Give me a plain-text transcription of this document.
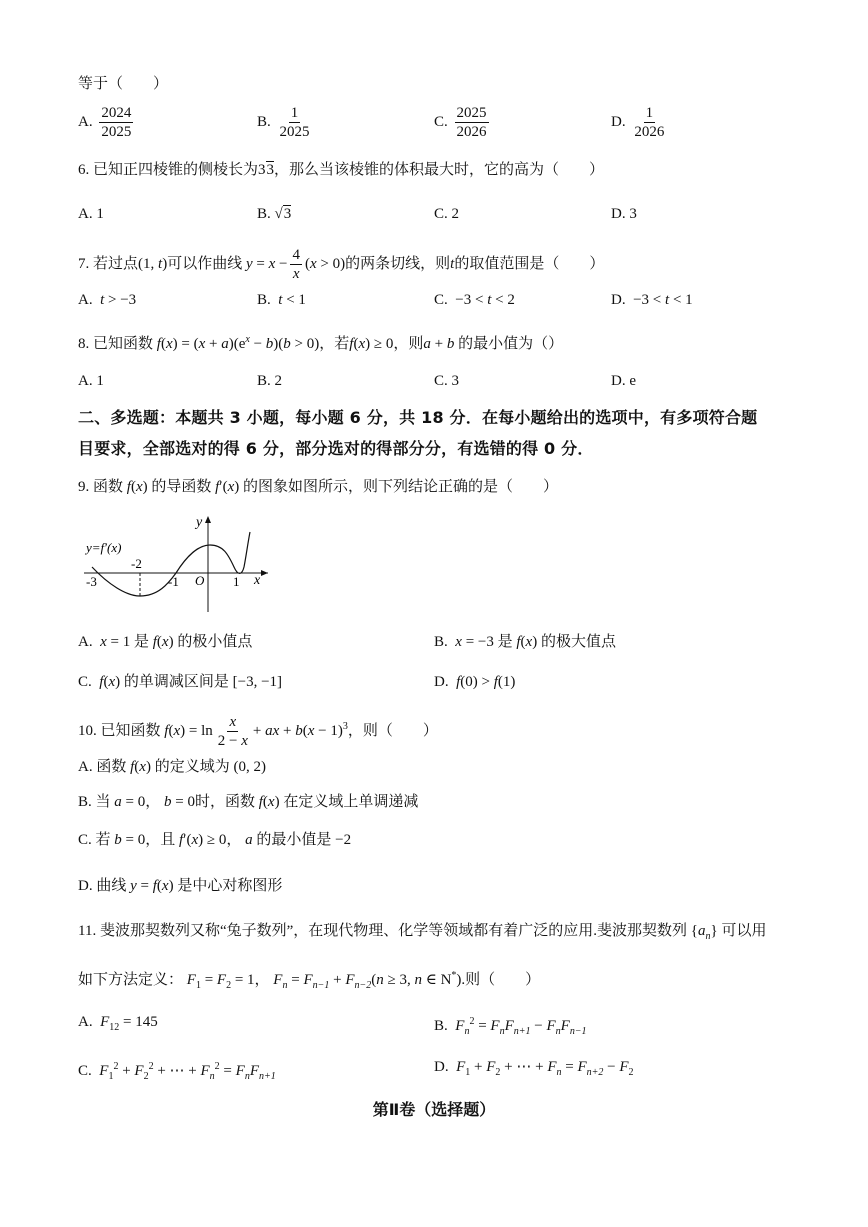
等于（　　）
A. $\frac{2024}{2025}$	B. $\frac{1}{2025}$	C. $\frac{2025}{2026}$	D. $\frac{1}{2026}$
6. 已知正四棱锥的侧棱长为33，那么当该棱锥的体积最大时，它的高为（　　）
A. 1	B. √3	C. 2	D. 3
7. 若过点(1, t)可以作曲线 $y = x - \frac{4}{x} (x > 0)$的两条切线，则t的取值范围是（　　）
A. t > −3	B. t < 1	C.  −3 < t < 2	D.  −3 < t < 1
8. 已知函数 $f(x) = (x + a)(e^x - b)(b > 0)$，若f(x) ≥ 0，则a + b 的最小值为（）
A. 1	B. 2	C. 3	D. e
二、多选题：本题共 3 小题，每小题 6 分，共 18 分．在每小题给出的选项中，有多项符合题
目要求，全部选对的得 6 分，部分选对的得部分分，有选错的得 0 分．
9. 函数 f(x) 的导函数 f′(x) 的图象如图所示，则下列结论正确的是（　　）
y
x
y=f′(x)
O
-3
-2
-1	1
A. x = 1 是 f(x) 的极小值点	B. x = −3 是 f(x) 的极大值点
C. f(x) 的单调减区间是 [−3, −1]	D. f(0) > f(1)
10. 已知函数 $f(x) = \ln \frac{x}{2 - x}$ + ax + $b(x - 1)^3$，则（　　）
A. 函数 f(x) 的定义域为 (0, 2)
B. 当 a = 0， b = 0时，函数 f(x) 在定义域上单调递减
C. 若 b = 0，且 f′(x) ≥ 0， a 的最小值是 −2
D. 曲线 y = f(x) 是中心对称图形
11. 斐波那契数列又称“兔子数列”，在现代物理、化学等领域都有着广泛的应用.斐波那契数列 $\{a_n\}$ 可以用
如下方法定义： $F_1 = F_2 = 1$， $F_n = F_{n-1} + F_{n-2}(n \ge 3$, n ∈ N*).则（　　）
A. $F_{12} = 145$	B. $F_n^2 = F_nF_{n+1} - F_nF_{n-1}$
C. $F_1^2 + F_2^2$ + ⋯ + $F_n^2 = F_nF_{n+1}$
D. $F_1 + F_2$ + ⋯ + $F_n = F_{n+2} - F_2$
第Ⅱ卷（选择题）
